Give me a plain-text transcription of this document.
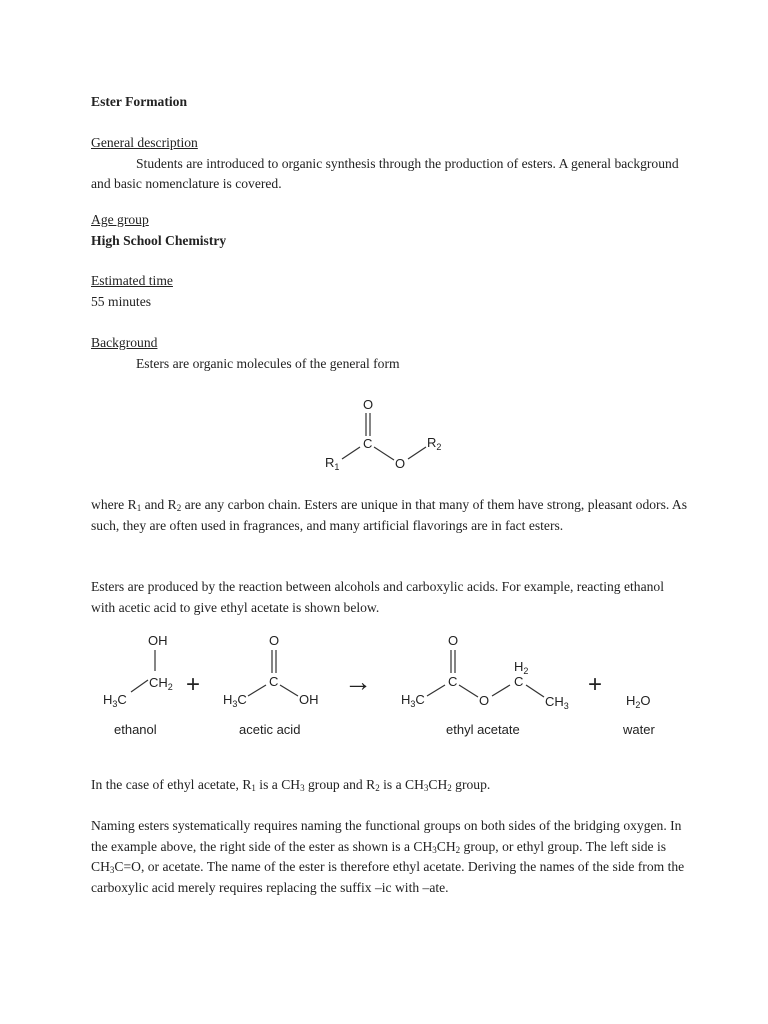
Ester Formation

General description

Students are introduced to organic synthesis through the production of esters. A general background and basic nomenclature is covered.

Age group

High School Chemistry

Estimated time

55 minutes

Background

Esters are organic molecules of the general form

O
C
O
$R_1$
$R_2$

where $R_1$ and $R_2$ are any carbon chain. Esters are unique in that many of them have strong, pleasant odors. As such, they are often used in fragrances, and many artificial flavorings are in fact esters.

Esters are produced by the reaction between alcohols and carboxylic acids. For example, reacting ethanol with acetic acid to give ethyl acetate is shown below.

OH
$CH_2$
$H_3C$
+
O
C
$H_3C$	OH
→
O
C
$H_3C$	O
$H_2$
C
$CH_3$
+
$H_2O$
ethanol	acetic acid	ethyl acetate	water

In the case of ethyl acetate, $R_1$ is a $CH_3$ group and $R_2$ is a $CH_3CH_2$ group.

Naming esters systematically requires naming the functional groups on both sides of the bridging oxygen. In the example above, the right side of the ester as shown is a $CH_3CH_2$ group, or ethyl group. The left side is $CH_3C=O$, or acetate. The name of the ester is therefore ethyl acetate. Deriving the names of the side from the carboxylic acid merely requires replacing the suffix –ic with –ate.
